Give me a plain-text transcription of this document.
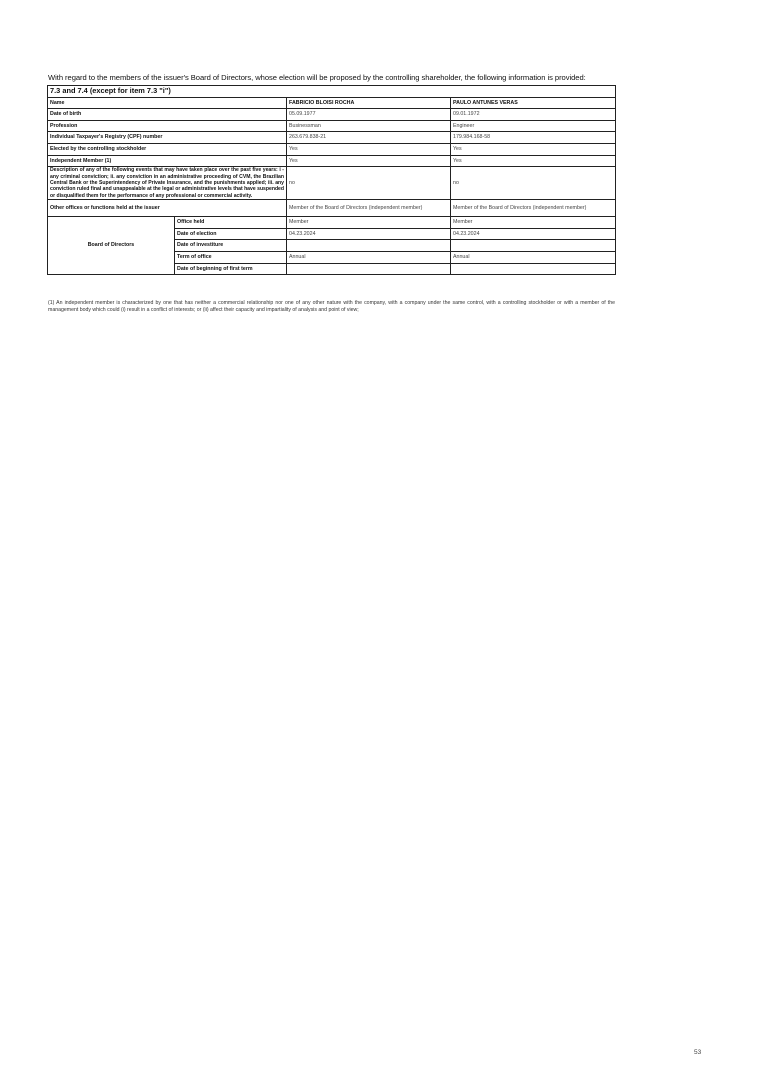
With regard to the members of the issuer's Board of Directors, whose election will be proposed by the controlling shareholder, the following information is provided:
7.3 and 7.4 (except for item 7.3 "i")			
Name		FABRICIO BLOISI ROCHA	PAULO ANTUNES VERAS
Date of birth		05.09.1977	09.01.1972
Profession		Businessman	Engineer
Individual Taxpayer's Registry (CPF) number		263.679.838-21	179.984.168-58
Elected by the controlling stockholder		Yes	Yes
Independent Member (1)		Yes	Yes
Description of any of the following events that may have taken place over the past five years: i - any criminal conviction; ii. any conviction in an administrative proceeding of CVM, the Brazilian Central Bank or the Superintendency of Private Insurance, and the punishments applied; iii. any conviction ruled final and unappealable at the legal or administrative levels that have suspended or disqualified them for the performance of any professional or commercial activity.		no	no
Other offices or functions held at the issuer		Member of the Board of Directors (independent member)	Member of the Board of Directors (independent member)
Board of Directors	Office held	Member	Member
	Date of election	04.23.2024	04.23.2024
	Date of investiture		
	Term of office	Annual	Annual
	Date of beginning of first term		
(1) An independent member is characterized by one that has neither a commercial relationship nor one of any other nature with the company, with a company under the same control, with a controlling stockholder or with a member of the management body which could (i) result in a conflict of interests; or (ii) affect their capacity and impartiality of analysis and point of view;
53
